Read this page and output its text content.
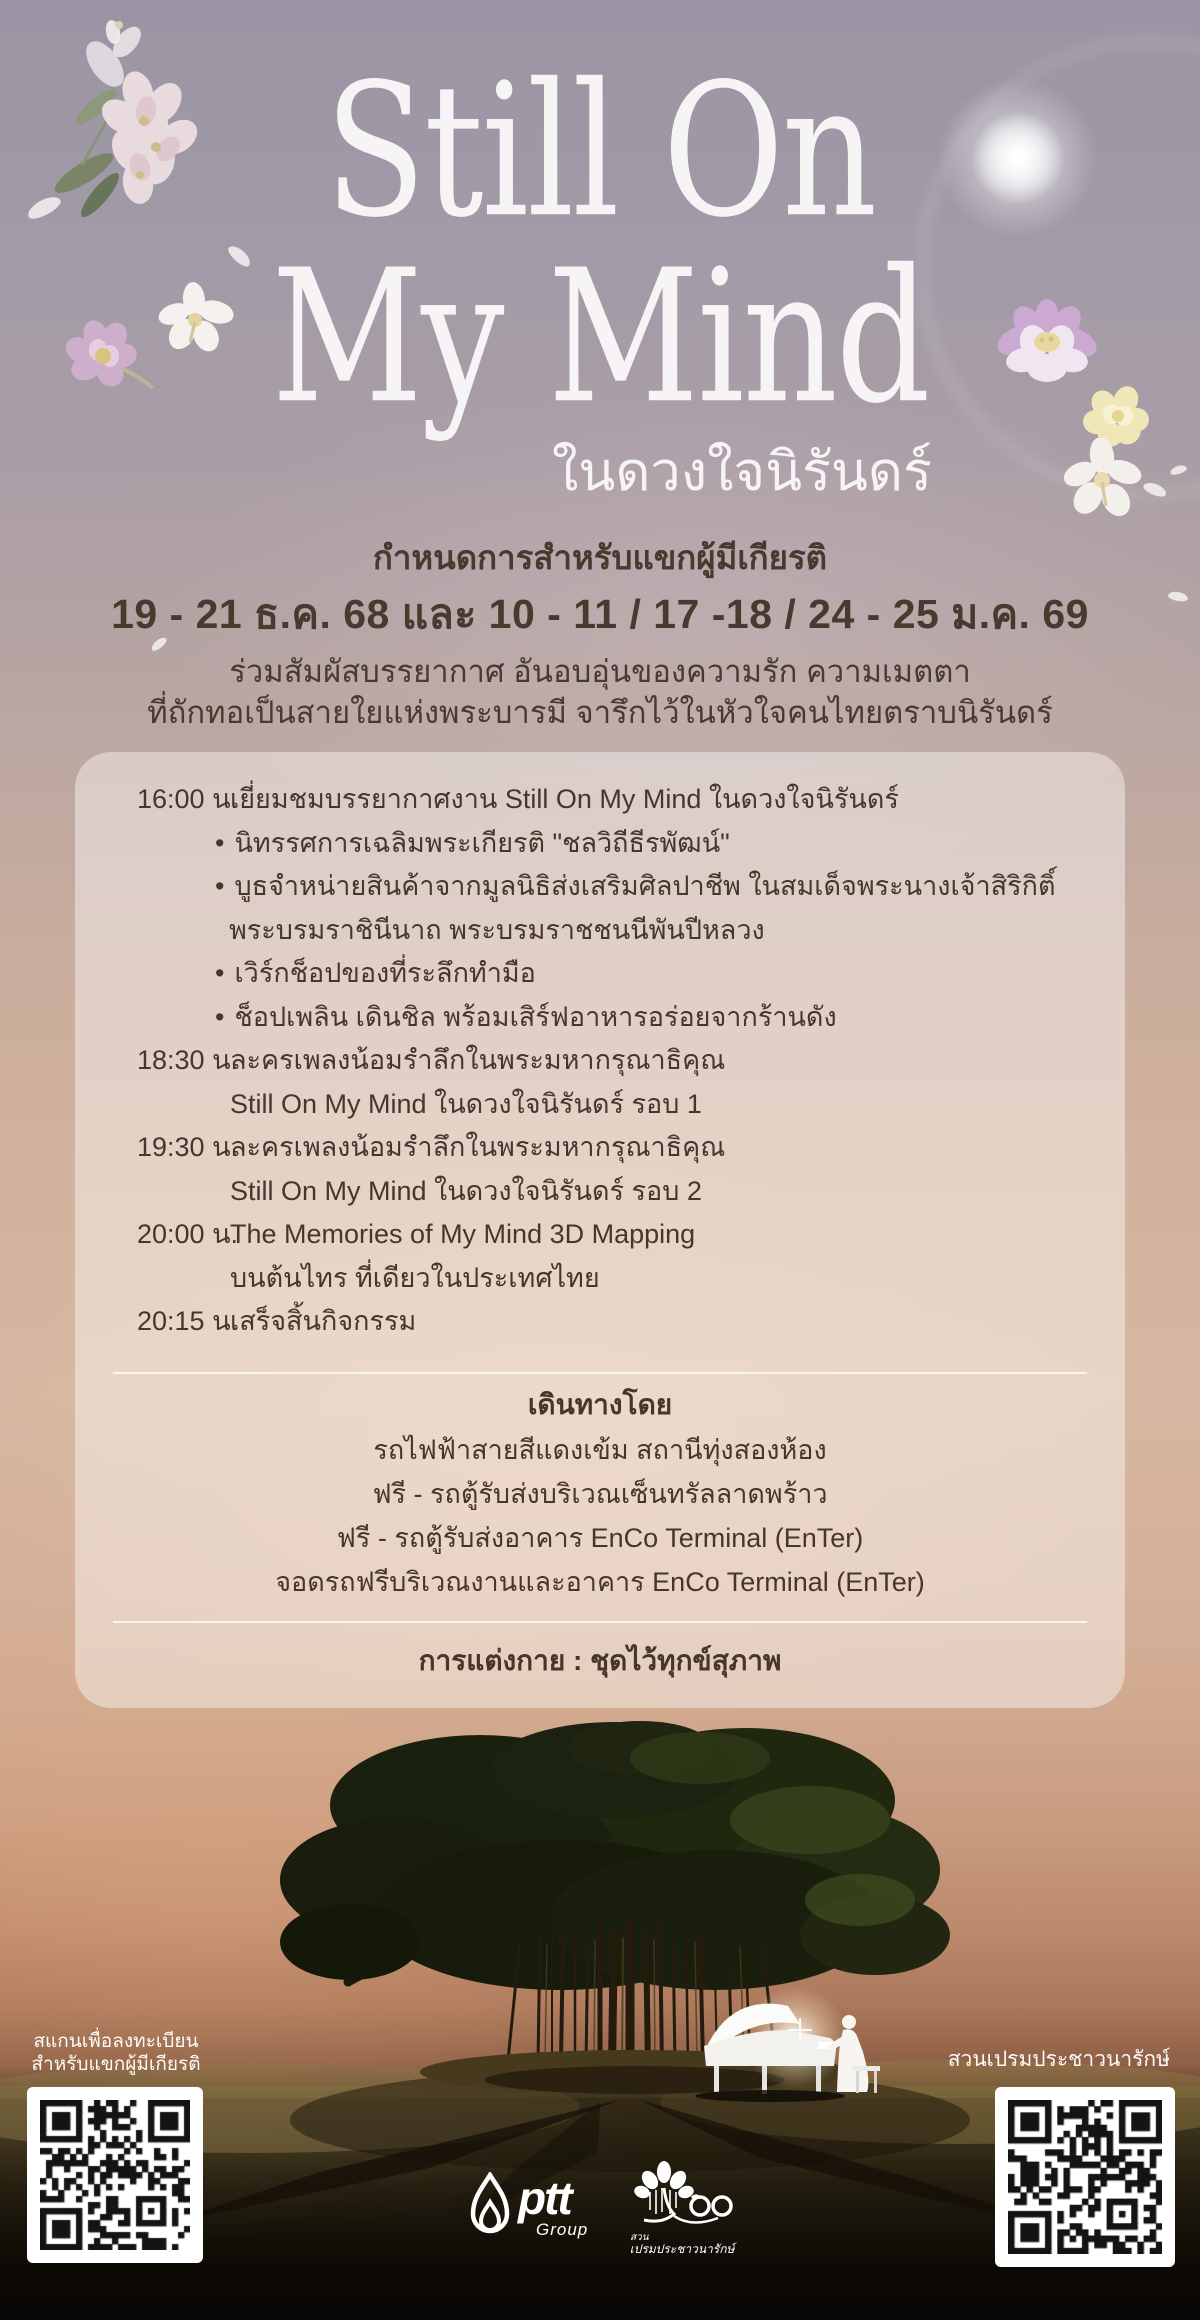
Still On
My Mind
ในดวงใจนิรันดร์
กำหนดการสำหรับแขกผู้มีเกียรติ
19 - 21 ธ.ค. 68 และ 10 - 11 / 17 -18 / 24 - 25 ม.ค. 69
ร่วมสัมผัสบรรยากาศ อันอบอุ่นของความรัก ความเมตตา
ที่ถักทอเป็นสายใยแห่งพระบารมี จารึกไว้ในหัวใจคนไทยตราบนิรันดร์
16:00 น.
เยี่ยมชมบรรยากาศงาน Still On My Mind ในดวงใจนิรันดร์
• นิทรรศการเฉลิมพระเกียรติ "ชลวิถีธีรพัฒน์"
• บูธจำหน่ายสินค้าจากมูลนิธิส่งเสริมศิลปาชีพ ในสมเด็จพระนางเจ้าสิริกิติ์
พระบรมราชินีนาถ พระบรมราชชนนีพันปีหลวง
• เวิร์กช็อปของที่ระลึกทำมือ
• ช็อปเพลิน เดินชิล พร้อมเสิร์ฟอาหารอร่อยจากร้านดัง
18:30 น.
ละครเพลงน้อมรำลึกในพระมหากรุณาธิคุณ
Still On My Mind ในดวงใจนิรันดร์ รอบ 1
19:30 น.
ละครเพลงน้อมรำลึกในพระมหากรุณาธิคุณ
Still On My Mind ในดวงใจนิรันดร์ รอบ 2
20:00 น.
The Memories of My Mind 3D Mapping
บนต้นไทร ที่เดียวในประเทศไทย
20:15 น.
เสร็จสิ้นกิจกรรม
เดินทางโดย
รถไฟฟ้าสายสีแดงเข้ม สถานีทุ่งสองห้อง
ฟรี - รถตู้รับส่งบริเวณเซ็นทรัลลาดพร้าว
ฟรี - รถตู้รับส่งอาคาร EnCo Terminal (EnTer)
จอดรถฟรีบริเวณงานและอาคาร EnCo Terminal (EnTer)
การแต่งกาย : ชุดไว้ทุกข์สุภาพ
สแกนเพื่อลงทะเบียน
สำหรับแขกผู้มีเกียรติ	สวนเปรมประชาวนารักษ์
ptt
Group	สวน
เปรมประชาวนารักษ์
